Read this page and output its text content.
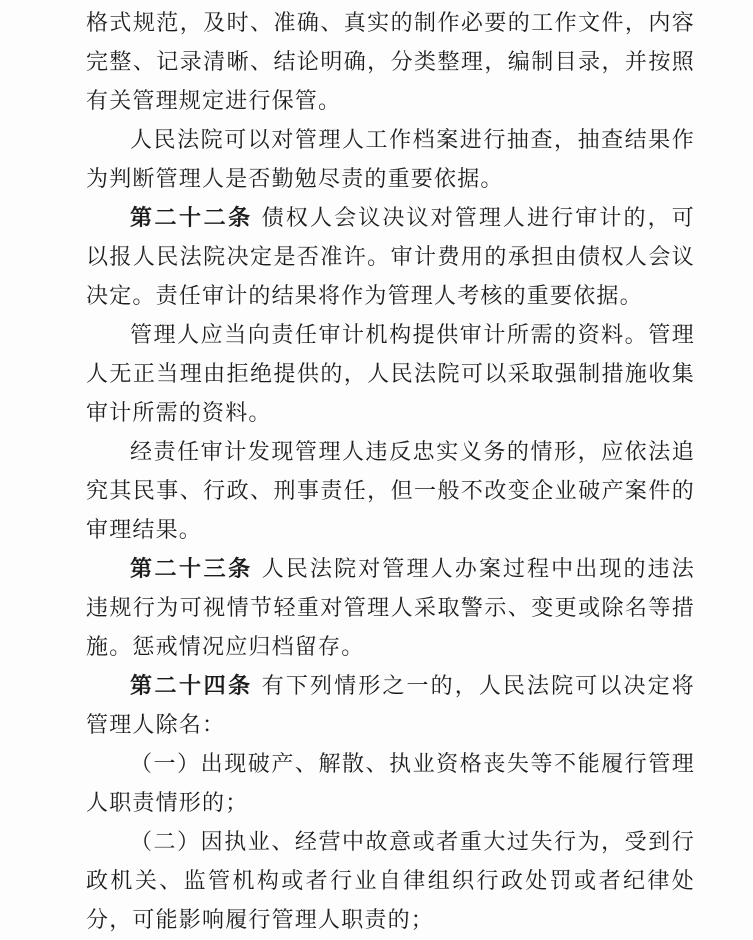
格式规范，及时、准确、真实的制作必要的工作文件，内容完整、记录清晰、结论明确，分类整理，编制目录，并按照有关管理规定进行保管。

人民法院可以对管理人工作档案进行抽查，抽查结果作为判断管理人是否勤勉尽责的重要依据。

第二十二条 债权人会议决议对管理人进行审计的，可以报人民法院决定是否准许。审计费用的承担由债权人会议决定。责任审计的结果将作为管理人考核的重要依据。

管理人应当向责任审计机构提供审计所需的资料。管理人无正当理由拒绝提供的，人民法院可以采取强制措施收集审计所需的资料。

经责任审计发现管理人违反忠实义务的情形，应依法追究其民事、行政、刑事责任，但一般不改变企业破产案件的审理结果。

第二十三条 人民法院对管理人办案过程中出现的违法违规行为可视情节轻重对管理人采取警示、变更或除名等措施。惩戒情况应归档留存。

第二十四条 有下列情形之一的，人民法院可以决定将管理人除名：

（一）出现破产、解散、执业资格丧失等不能履行管理人职责情形的；

（二）因执业、经营中故意或者重大过失行为，受到行政机关、监管机构或者行业自律组织行政处罚或者纪律处分，可能影响履行管理人职责的；
